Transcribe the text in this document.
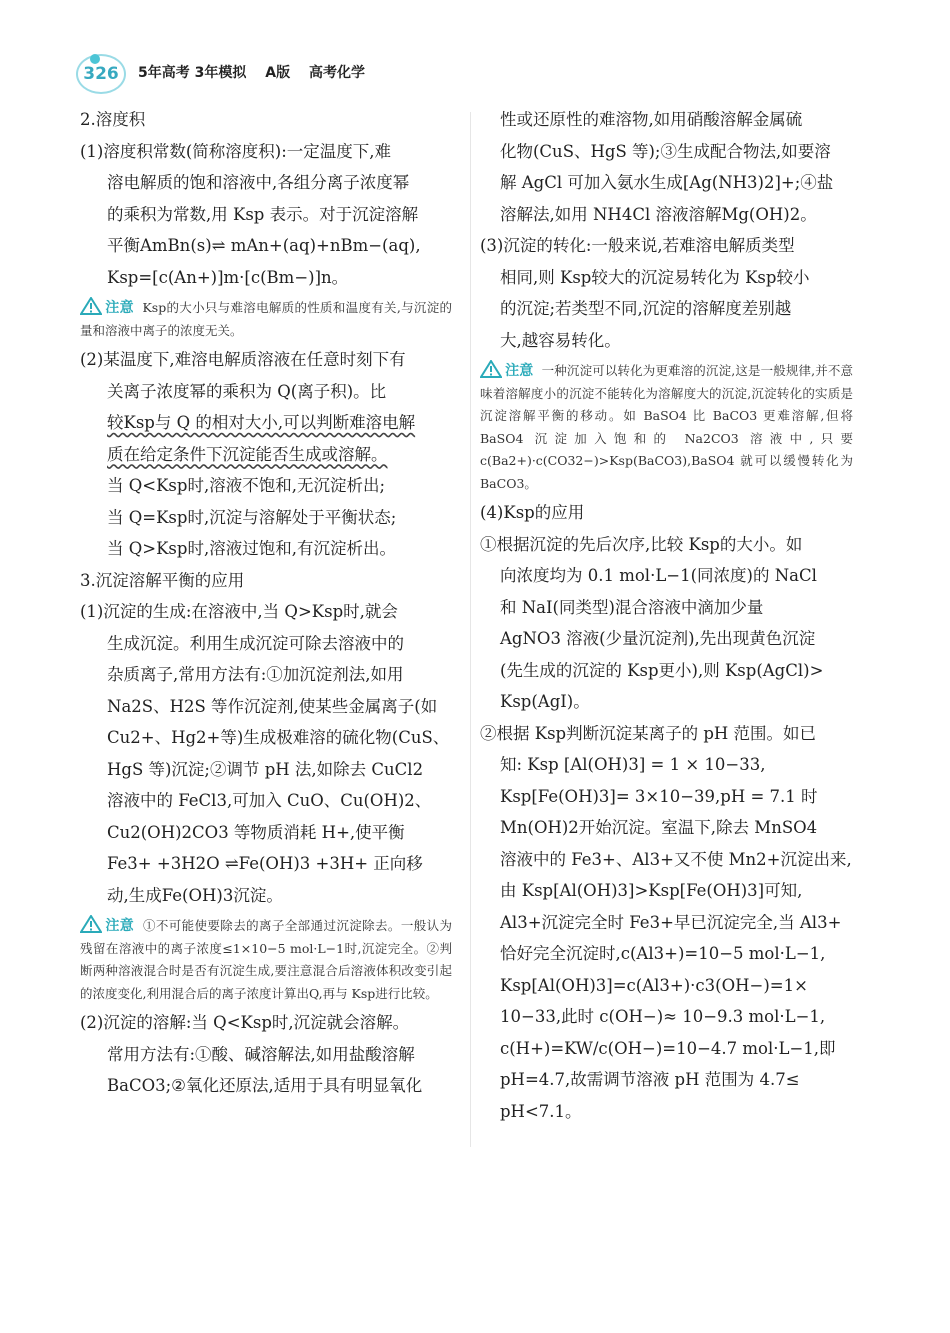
326 5年高考 3年模拟 A版 高考化学

2.溶度积

(1)溶度积常数(简称溶度积):一定温度下,难

溶电解质的饱和溶液中,各组分离子浓度幂

的乘积为常数,用 Ksp 表示。对于沉淀溶解

平衡AmBn(s)⇌ mAn+(aq)+nBm−(aq),

Ksp=[c(An+)]m·[c(Bm−)]n。

注意 Ksp的大小只与难溶电解质的性质和温度有关,与沉淀的量和溶液中离子的浓度无关。

(2)某温度下,难溶电解质溶液在任意时刻下有

关离子浓度幂的乘积为 Q(离子积)。比

较Ksp与 Q 的相对大小,可以判断难溶电解

质在给定条件下沉淀能否生成或溶解。

当 Q<Ksp时,溶液不饱和,无沉淀析出;

当 Q=Ksp时,沉淀与溶解处于平衡状态;

当 Q>Ksp时,溶液过饱和,有沉淀析出。

3.沉淀溶解平衡的应用

(1)沉淀的生成:在溶液中,当 Q>Ksp时,就会

生成沉淀。利用生成沉淀可除去溶液中的

杂质离子,常用方法有:①加沉淀剂法,如用

Na2S、H2S 等作沉淀剂,使某些金属离子(如

Cu2+、Hg2+等)生成极难溶的硫化物(CuS、

HgS 等)沉淀;②调节 pH 法,如除去 CuCl2

溶液中的 FeCl3,可加入 CuO、Cu(OH)2、

Cu2(OH)2CO3 等物质消耗 H+,使平衡

Fe3+ +3H2O ⇌Fe(OH)3 +3H+ 正向移

动,生成Fe(OH)3沉淀。

注意 ①不可能使要除去的离子全部通过沉淀除去。一般认为残留在溶液中的离子浓度≤1×10−5 mol·L−1时,沉淀完全。②判断两种溶液混合时是否有沉淀生成,要注意混合后溶液体积改变引起的浓度变化,利用混合后的离子浓度计算出Q,再与 Ksp进行比较。

(2)沉淀的溶解:当 Q<Ksp时,沉淀就会溶解。

常用方法有:①酸、碱溶解法,如用盐酸溶解

BaCO3;②氧化还原法,适用于具有明显氧化

性或还原性的难溶物,如用硝酸溶解金属硫

化物(CuS、HgS 等);③生成配合物法,如要溶

解 AgCl 可加入氨水生成[Ag(NH3)2]+;④盐

溶解法,如用 NH4Cl 溶液溶解Mg(OH)2。

(3)沉淀的转化:一般来说,若难溶电解质类型

相同,则 Ksp较大的沉淀易转化为 Ksp较小

的沉淀;若类型不同,沉淀的溶解度差别越

大,越容易转化。

注意 一种沉淀可以转化为更难溶的沉淀,这是一般规律,并不意味着溶解度小的沉淀不能转化为溶解度大的沉淀,沉淀转化的实质是沉淀溶解平衡的移动。如 BaSO4 比 BaCO3 更难溶解,但将 BaSO4 沉淀加入饱和的 Na2CO3 溶液中,只要 c(Ba2+)·c(CO32−)>Ksp(BaCO3),BaSO4 就可以缓慢转化为 BaCO3。

(4)Ksp的应用

①根据沉淀的先后次序,比较 Ksp的大小。如

向浓度均为 0.1 mol·L−1(同浓度)的 NaCl

和 NaI(同类型)混合溶液中滴加少量

AgNO3 溶液(少量沉淀剂),先出现黄色沉淀

(先生成的沉淀的 Ksp更小),则 Ksp(AgCl)>

Ksp(AgI)。

②根据 Ksp判断沉淀某离子的 pH 范围。如已

知: Ksp [Al(OH)3] = 1 × 10−33,

Ksp[Fe(OH)3]= 3×10−39,pH = 7.1 时

Mn(OH)2开始沉淀。室温下,除去 MnSO4

溶液中的 Fe3+、Al3+又不使 Mn2+沉淀出来,

由 Ksp[Al(OH)3]>Ksp[Fe(OH)3]可知,

Al3+沉淀完全时 Fe3+早已沉淀完全,当 Al3+

恰好完全沉淀时,c(Al3+)=10−5 mol·L−1,

Ksp[Al(OH)3]=c(Al3+)·c3(OH−)=1×

10−33,此时 c(OH−)≈ 10−9.3 mol·L−1,

c(H+)=KW/c(OH−)=10−4.7 mol·L−1,即

pH=4.7,故需调节溶液 pH 范围为 4.7≤

pH<7.1。
